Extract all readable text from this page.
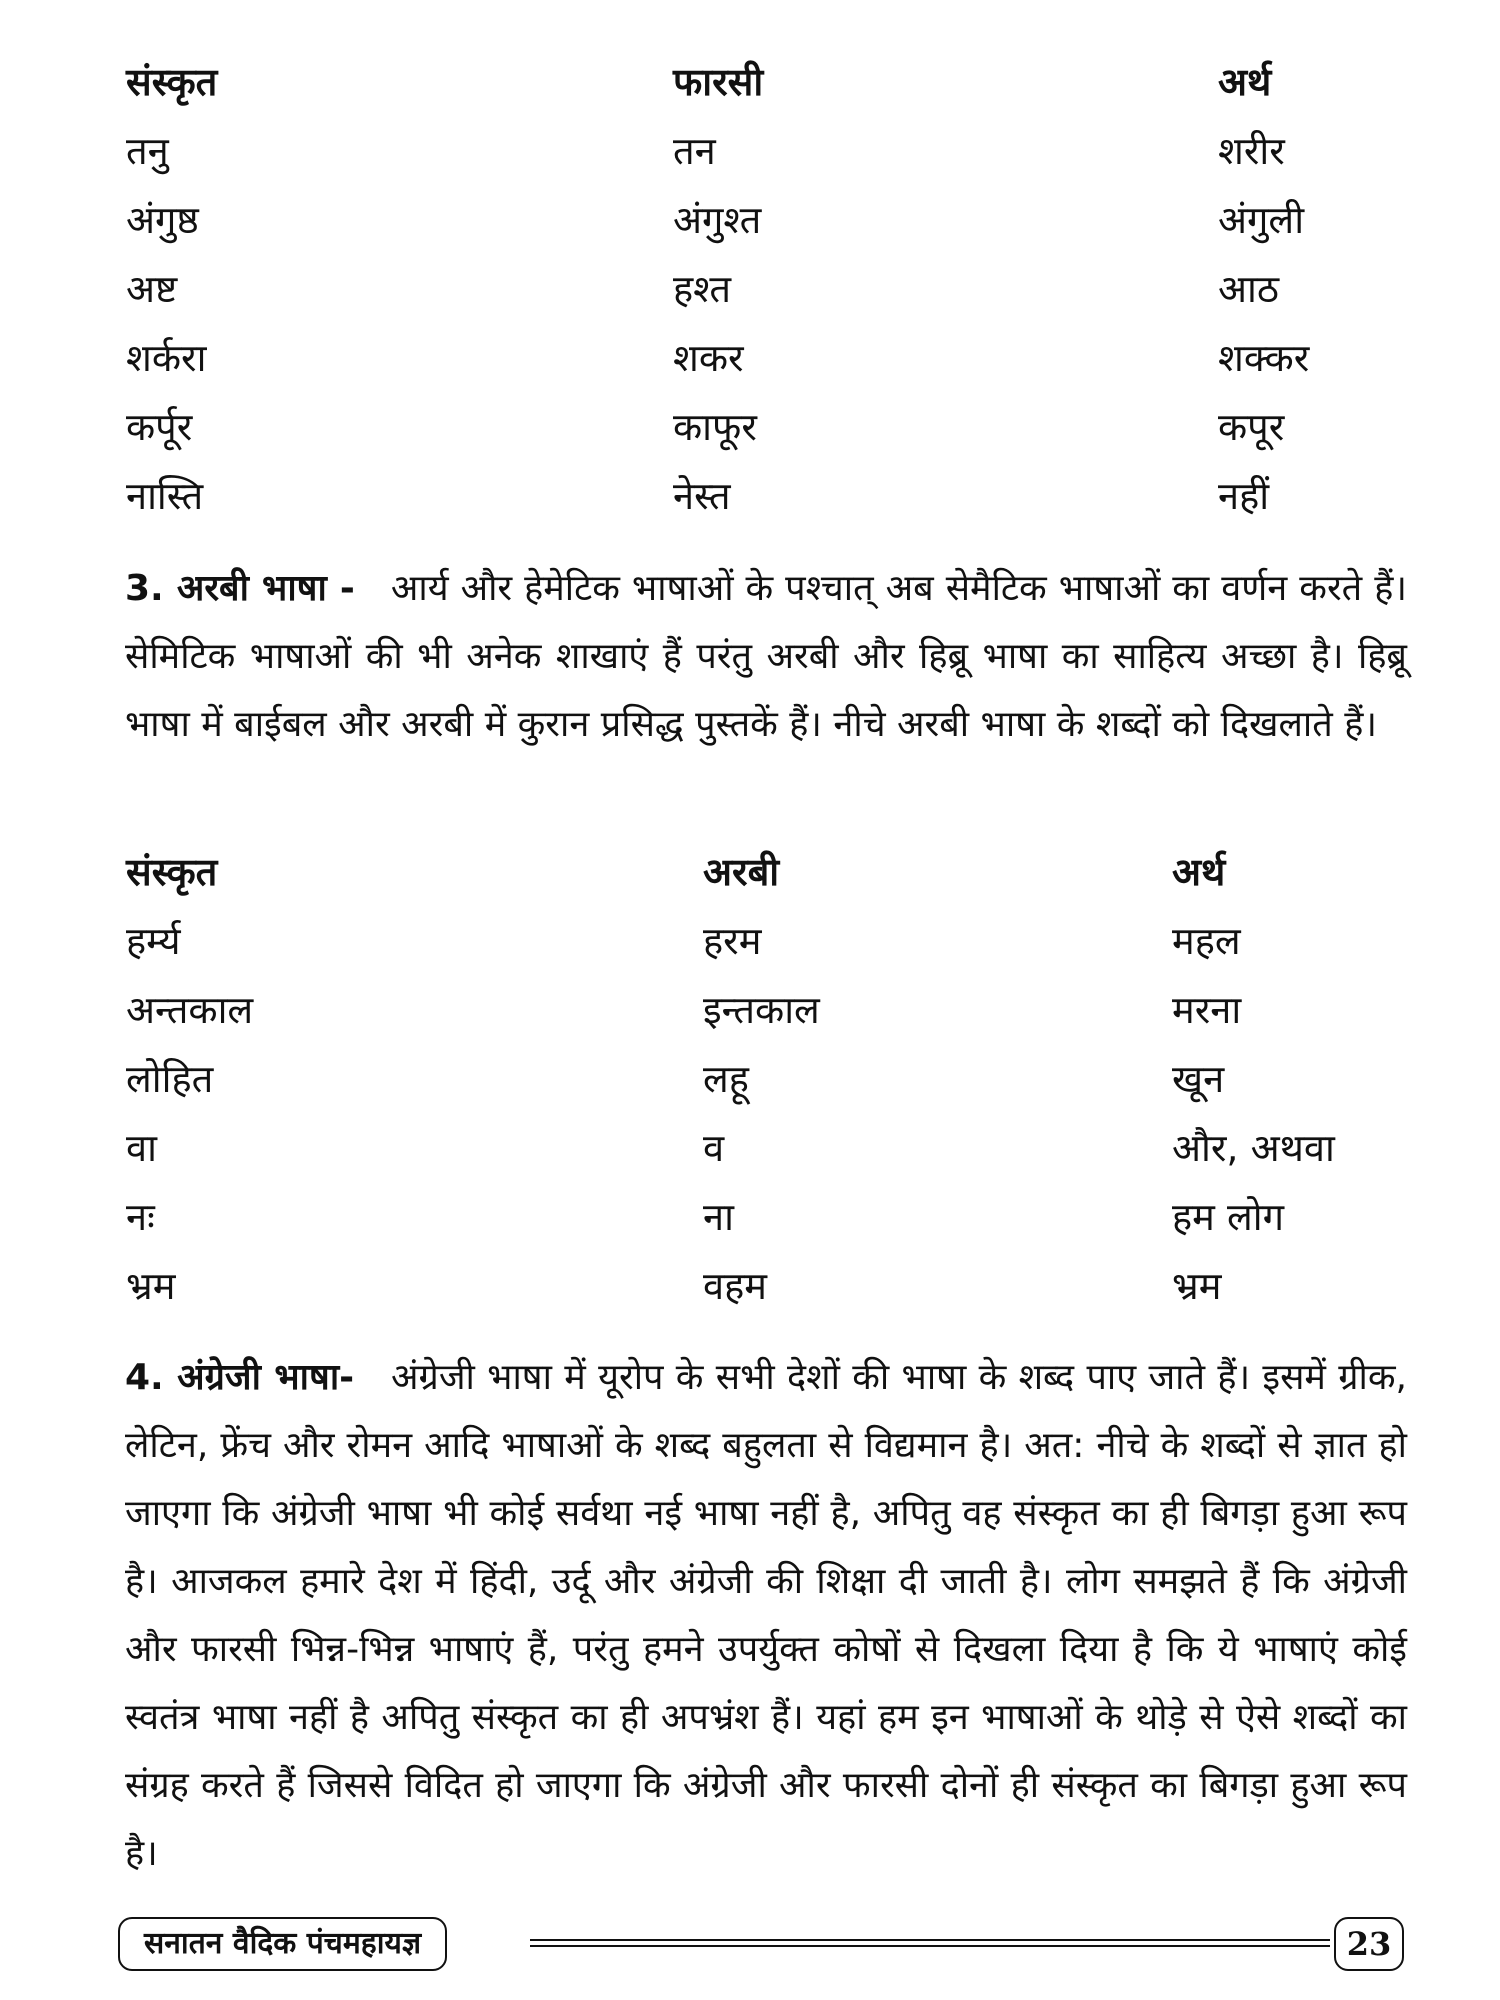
संस्कृत	फारसी	अर्थ
तनु	तन	शरीर
अंगुष्ठ	अंगुश्त	अंगुली
अष्ट	हश्त	आठ
शर्करा	शकर	शक्कर
कर्पूर	काफूर	कपूर
नास्ति	नेस्त	नहीं

3. अरबी भाषा - आर्य और हेमेटिक भाषाओं के पश्चात् अब सेमैटिक भाषाओं का वर्णन करते हैं। सेमिटिक भाषाओं की भी अनेक शाखाएं हैं परंतु अरबी और हिब्रू भाषा का साहित्य अच्छा है। हिब्रू भाषा में बाईबल और अरबी में कुरान प्रसिद्ध पुस्तकें हैं। नीचे अरबी भाषा के शब्दों को दिखलाते हैं।

संस्कृत	अरबी	अर्थ
हर्म्य	हरम	महल
अन्तकाल	इन्तकाल	मरना
लोहित	लहू	खून
वा	व	और, अथवा
नः	ना	हम लोग
भ्रम	वहम	भ्रम

4. अंग्रेजी भाषा- अंग्रेजी भाषा में यूरोप के सभी देशों की भाषा के शब्द पाए जाते हैं। इसमें ग्रीक, लेटिन, फ्रेंच और रोमन आदि भाषाओं के शब्द बहुलता से विद्यमान है। अत: नीचे के शब्दों से ज्ञात हो जाएगा कि अंग्रेजी भाषा भी कोई सर्वथा नई भाषा नहीं है, अपितु वह संस्कृत का ही बिगड़ा हुआ रूप है। आजकल हमारे देश में हिंदी, उर्दू और अंग्रेजी की शिक्षा दी जाती है। लोग समझते हैं कि अंग्रेजी और फारसी भिन्न-भिन्न भाषाएं हैं, परंतु हमने उपर्युक्त कोषों से दिखला दिया है कि ये भाषाएं कोई स्वतंत्र भाषा नहीं है अपितु संस्कृत का ही अपभ्रंश हैं। यहां हम इन भाषाओं के थोड़े से ऐसे शब्दों का संग्रह करते हैं जिससे विदित हो जाएगा कि अंग्रेजी और फारसी दोनों ही संस्कृत का बिगड़ा हुआ रूप है।

सनातन वैदिक पंचमहायज्ञ	23
